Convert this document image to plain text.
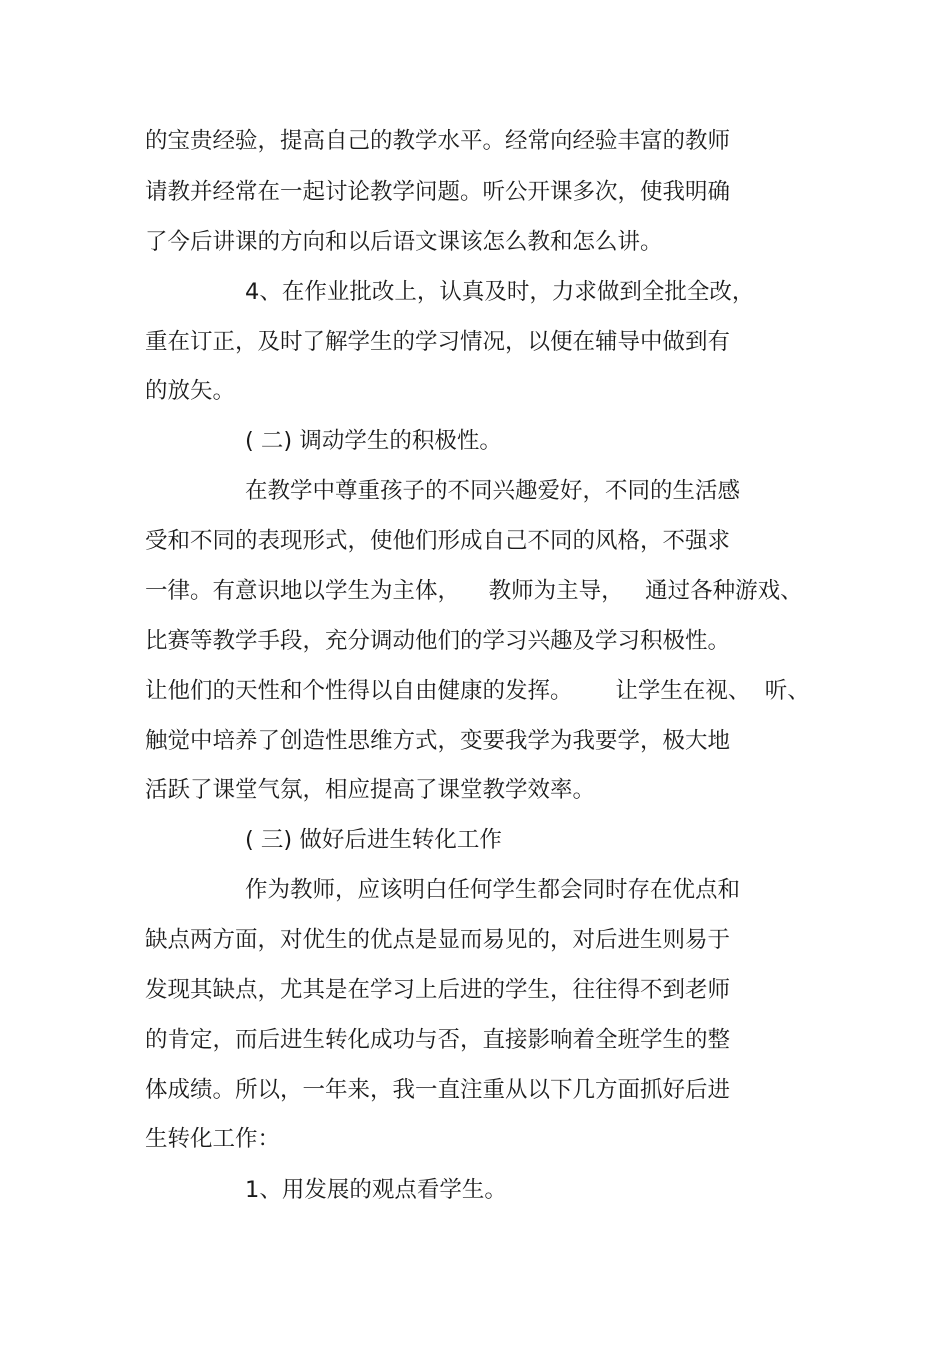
的宝贵经验，提高自己的教学水平。经常向经验丰富的教师
请教并经常在一起讨论教学问题。听公开课多次，使我明确
了今后讲课的方向和以后语文课该怎么教和怎么讲。
4、在作业批改上，认真及时，力求做到全批全改，
重在订正，及时了解学生的学习情况，以便在辅导中做到有
的放矢。
( 二) 调动学生的积极性。
在教学中尊重孩子的不同兴趣爱好，不同的生活感
受和不同的表现形式，使他们形成自己不同的风格，不强求
一律。有意识地以学生为主体，    教师为主导，   通过各种游戏、
比赛等教学手段，充分调动他们的学习兴趣及学习积极性。
让他们的天性和个性得以自由健康的发挥。      让学生在视、  听、
触觉中培养了创造性思维方式，变要我学为我要学，极大地
活跃了课堂气氛，相应提高了课堂教学效率。
( 三) 做好后进生转化工作
作为教师，应该明白任何学生都会同时存在优点和
缺点两方面，对优生的优点是显而易见的，对后进生则易于
发现其缺点，尤其是在学习上后进的学生，往往得不到老师
的肯定，而后进生转化成功与否，直接影响着全班学生的整
体成绩。所以，一年来，我一直注重从以下几方面抓好后进
生转化工作：
1、用发展的观点看学生。
